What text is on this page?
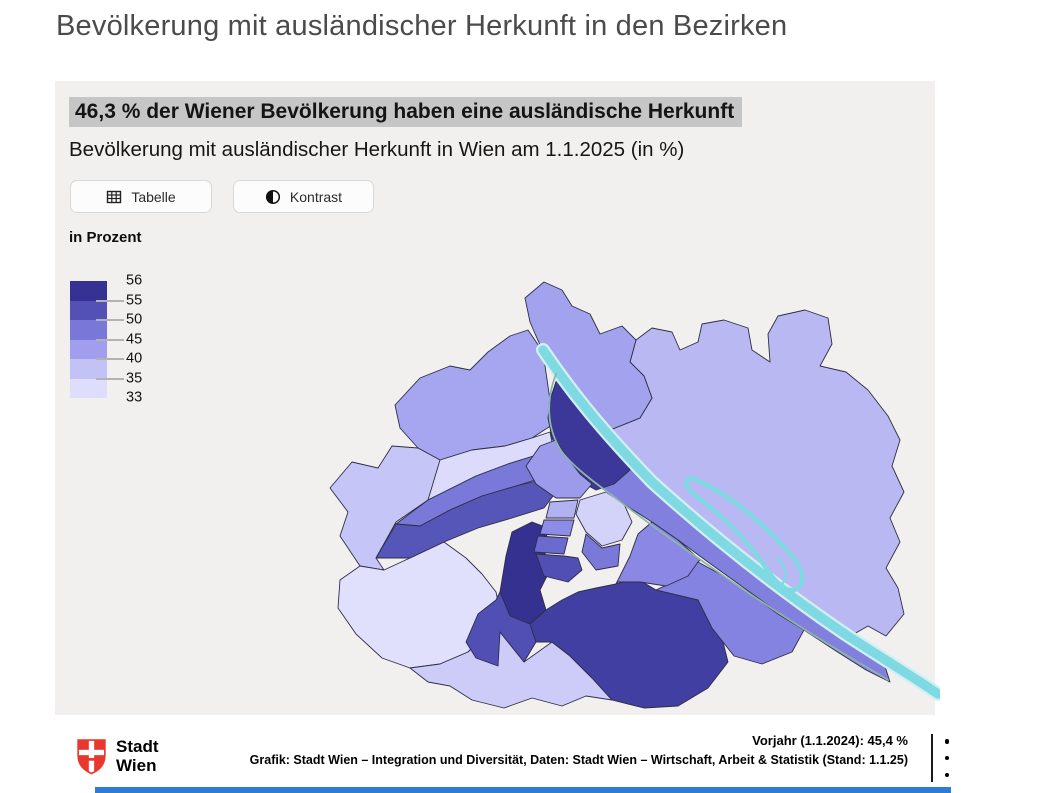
Bevölkerung mit ausländischer Herkunft in den Bezirken
46,3 % der Wiener Bevölkerung haben eine ausländische Herkunft
Bevölkerung mit ausländischer Herkunft in Wien am 1.1.2025 (in %)
Tabelle	Kontrast
in Prozent
56
55
50
45
40
35
33
Stadt
Wien

Vorjahr (1.1.2024): 45,4 %

Grafik: Stadt Wien – Integration und Diversität, Daten: Stadt Wien – Wirtschaft, Arbeit & Statistik (Stand: 1.1.25)
